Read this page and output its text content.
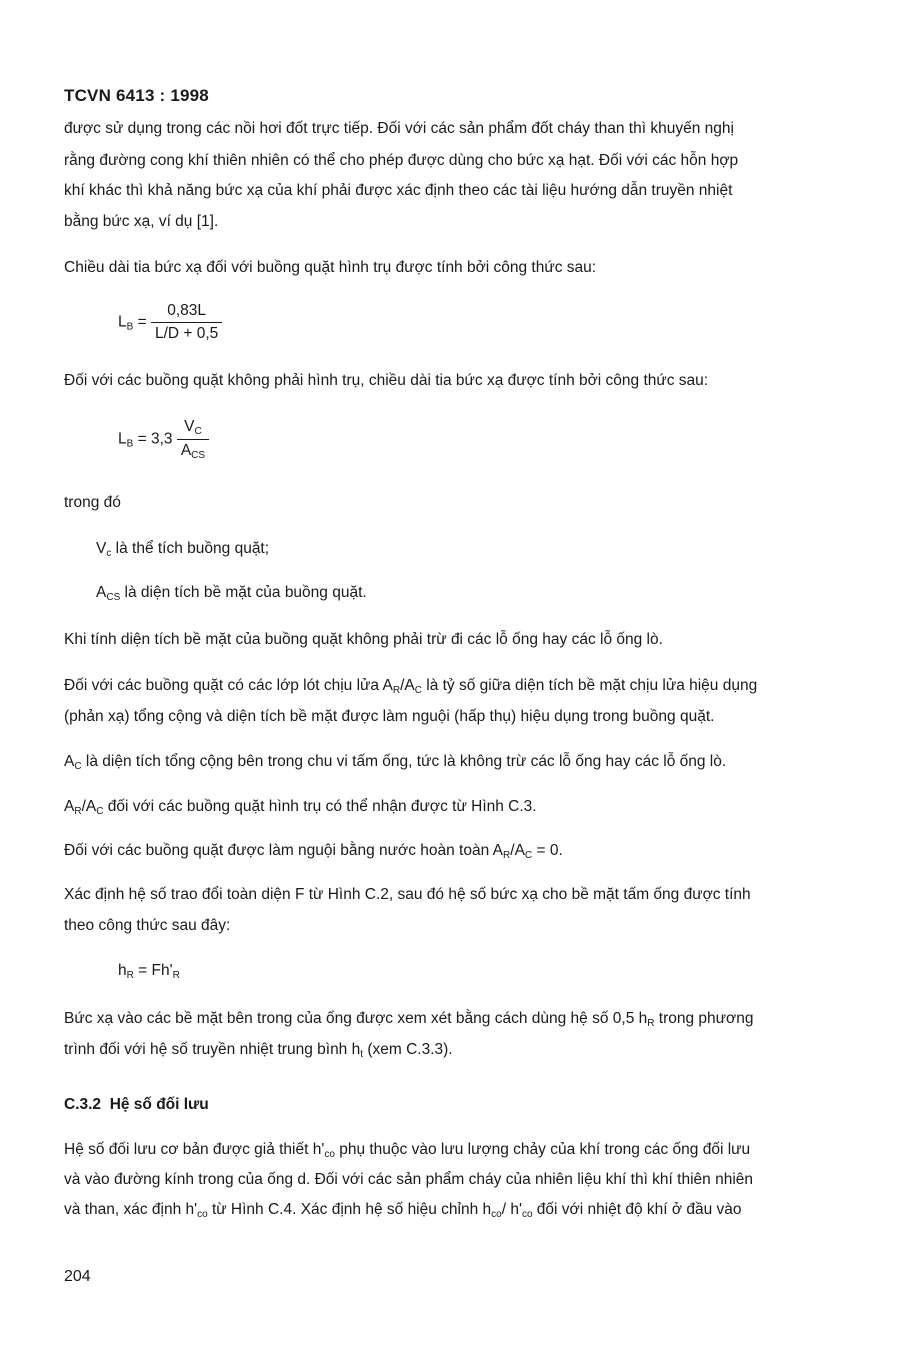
TCVN 6413 : 1998
được sử dụng trong các nồi hơi đốt trực tiếp. Đối với các sản phẩm đốt cháy than thì khuyến nghị
rằng đường cong khí thiên nhiên có thể cho phép được dùng cho bức xạ hạt. Đối với các hỗn hợp
khí khác thì khả năng bức xạ của khí phải được xác định theo các tài liệu hướng dẫn truyền nhiệt
bằng bức xạ, ví dụ [1].
Chiều dài tia bức xạ đối với buồng quặt hình trụ được tính bởi công thức sau:
$L_B = \frac{0,83L}{L/D + 0,5}$
Đối với các buồng quặt không phải hình trụ, chiều dài tia bức xạ được tính bởi công thức sau:
$L_B = 3,3 \frac{V_C}{A_{CS}}$
trong đó
$V_c$ là thể tích buồng quặt;
$A_{CS}$ là diện tích bề mặt của buồng quặt.
Khi tính diện tích bề mặt của buồng quặt không phải trừ đi các lỗ ống hay các lỗ ống lò.
Đối với các buồng quặt có các lớp lót chịu lửa $A_R/A_C$ là tỷ số giữa diện tích bề mặt chịu lửa hiệu dụng
(phản xạ) tổng cộng và diện tích bề mặt được làm nguội (hấp thụ) hiệu dụng trong buồng quặt.
$A_C$ là diện tích tổng cộng bên trong chu vi tấm ống, tức là không trừ các lỗ ống hay các lỗ ống lò.
$A_R/A_C$ đối với các buồng quặt hình trụ có thể nhận được từ Hình C.3.
Đối với các buồng quặt được làm nguội bằng nước hoàn toàn $A_R/A_C = 0$.
Xác định hệ số trao đổi toàn diện F từ Hình C.2, sau đó hệ số bức xạ cho bề mặt tấm ống được tính
theo công thức sau đây:
$h_R = Fh'_R$
Bức xạ vào các bề mặt bên trong của ống được xem xét bằng cách dùng hệ số 0,5 $h_R$ trong phương
trình đối với hệ số truyền nhiệt trung bình $h_t$ (xem C.3.3).
C.3.2 Hệ số đối lưu
Hệ số đối lưu cơ bản được giả thiết $h'_{co}$ phụ thuộc vào lưu lượng chảy của khí trong các ống đối lưu
và vào đường kính trong của ống d. Đối với các sản phẩm cháy của nhiên liệu khí thì khí thiên nhiên
và than, xác định $h'_{co}$ từ Hình C.4. Xác định hệ số hiệu chỉnh $h_{co}/$ $h'_{co}$ đối với nhiệt độ khí ở đầu vào
204
